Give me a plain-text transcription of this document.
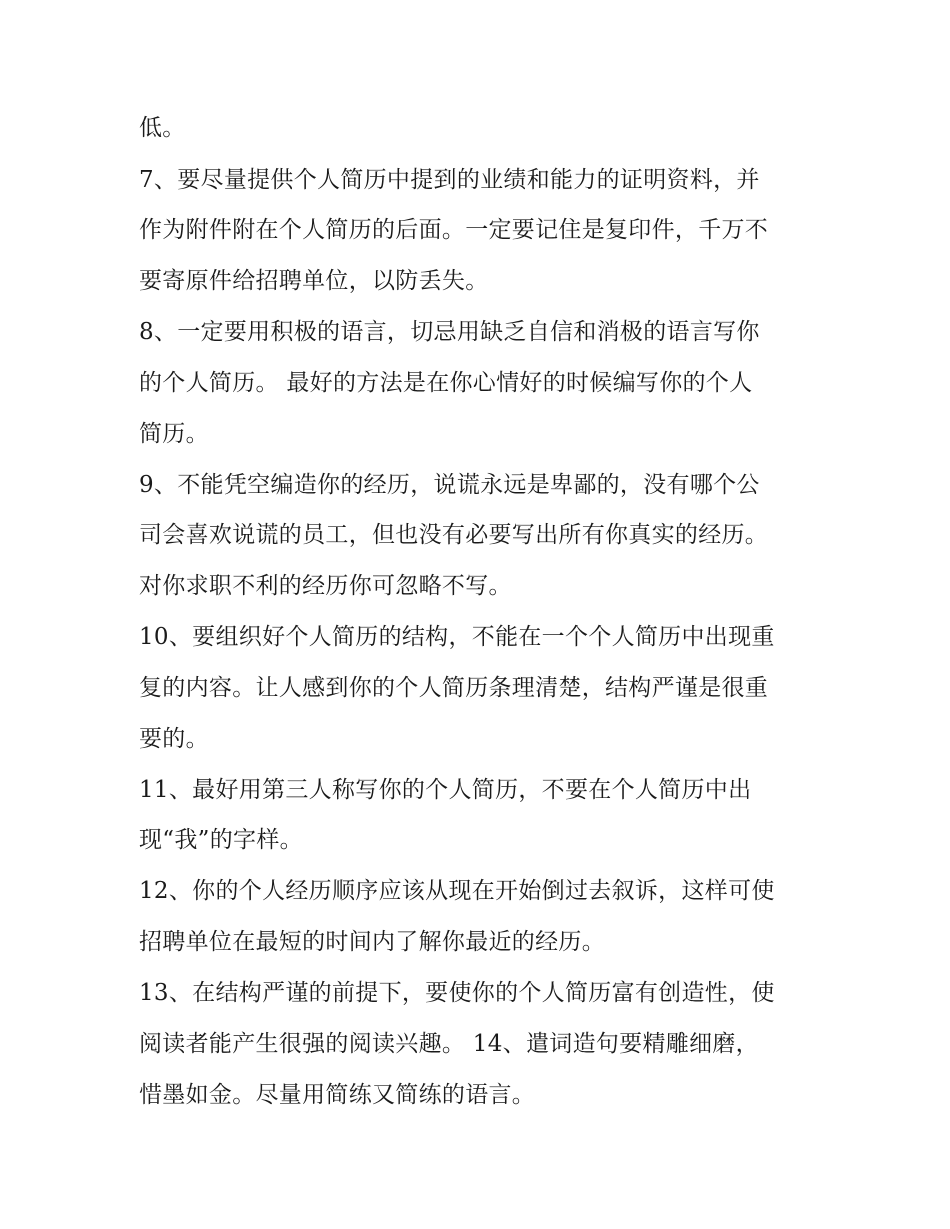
低。
7、要尽量提供个人简历中提到的业绩和能力的证明资料，并
作为附件附在个人简历的后面。一定要记住是复印件，千万不
要寄原件给招聘单位，以防丢失。
8、一定要用积极的语言，切忌用缺乏自信和消极的语言写你
的个人简历。 最好的方法是在你心情好的时候编写你的个人
简历。
9、不能凭空编造你的经历，说谎永远是卑鄙的，没有哪个公
司会喜欢说谎的员工，但也没有必要写出所有你真实的经历。
对你求职不利的经历你可忽略不写。
10、要组织好个人简历的结构，不能在一个个人简历中出现重
复的内容。让人感到你的个人简历条理清楚，结构严谨是很重
要的。
11、最好用第三人称写你的个人简历，不要在个人简历中出
现“我”的字样。
12、你的个人经历顺序应该从现在开始倒过去叙诉，这样可使
招聘单位在最短的时间内了解你最近的经历。
13、在结构严谨的前提下，要使你的个人简历富有创造性，使
阅读者能产生很强的阅读兴趣。 14、遣词造句要精雕细磨，
惜墨如金。尽量用简练又简练的语言。
